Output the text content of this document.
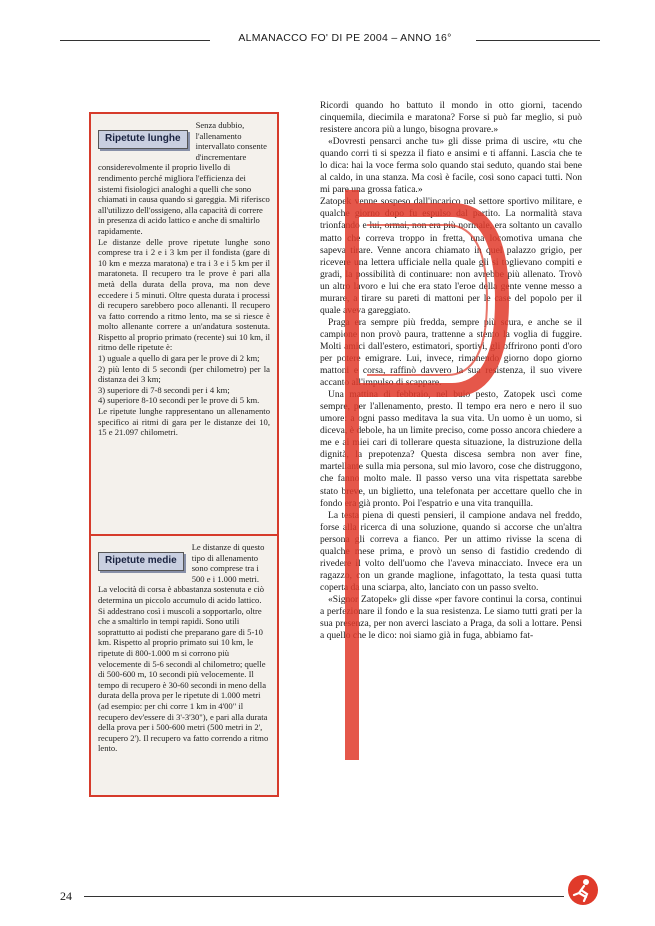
ALMANACCO FO' DI PE 2004 – ANNO 16°
Ripetute lunghe
Senza dubbio, l'allenamento intervallato consente d'incrementare considerevolmente il proprio livello di rendimento perché migliora l'efficienza dei sistemi fisiologici analoghi a quelli che sono chiamati in causa quando si gareggia. Mi riferisco all'utilizzo dell'ossigeno, alla capacità di correre in presenza di acido lattico e anche di smaltirlo rapidamente.

Le distanze delle prove ripetute lunghe sono comprese tra i 2 e i 3 km per il fondista (gare di 10 km e mezza maratona) e tra i 3 e i 5 km per il maratoneta. Il recupero tra le prove è pari alla metà della durata della prova, ma non deve eccedere i 5 minuti. Oltre questa durata i processi di recupero sarebbero poco allenanti. Il recupero va fatto correndo a ritmo lento, ma se si riesce è molto allenante correre a un'andatura sostenuta. Rispetto al proprio primato (recente) sui 10 km, il ritmo delle ripetute è:

1) uguale a quello di gara per le prove di 2 km;
2) più lento di 5 secondi (per chilometro) per la distanza dei 3 km;
3) superiore di 7-8 secondi per i 4 km;
4) superiore 8-10 secondi per le prove di 5 km.

Le ripetute lunghe rappresentano un allenamento specifico ai ritmi di gara per le distanze dei 10, 15 e 21.097 chilometri.

Ripetute medie
Le distanze di questo tipo di allenamento sono comprese tra i 500 e i 1.000 metri. La velocità di corsa è abbastanza sostenuta e ciò determina un piccolo accumulo di acido lattico. Si addestrano così i muscoli a sopportarlo, oltre che a smaltirlo in tempi rapidi. Sono utili soprattutto ai podisti che preparano gare di 5-10 km. Rispetto al proprio primato sui 10 km, le ripetute di 800-1.000 m si corrono più velocemente di 5-6 secondi al chilometro; quelle di 500-600 m, 10 secondi più velocemente. Il tempo di recupero è 30-60 secondi in meno della durata della prova per le ripetute di 1.000 metri (ad esempio: per chi corre 1 km in 4'00" il recupero dev'essere di 3'-3'30"), e pari alla durata della prova per i 500-600 metri (500 metri in 2', recupero 2'). Il recupero va fatto correndo a ritmo lento.

Ricordi quando ho battuto il mondo in otto giorni, tacendo cinquemila, diecimila e maratona? Forse si può far meglio, si può resistere ancora più a lungo, bisogna provare.»

«Dovresti pensarci anche tu» gli disse prima di uscire, «tu che quando corri ti si spezza il fiato e ansimi e ti affanni. Lascia che te lo dica: hai la voce ferma solo quando stai seduto, quando stai bene al caldo, in una stanza. Ma così è facile, così sono capaci tutti. Non mi pare una grossa fatica.»

Zatopek venne sospeso dall'incarico nel settore sportivo militare, e qualche giorno dopo fu espulso dal partito. La normalità stava trionfando e lui, ormai, non era più normale, era soltanto un cavallo matto che correva troppo in fretta, una locomotiva umana che sapeva tirare. Venne ancora chiamato in quel palazzo grigio, per ricevere una lettera ufficiale nella quale gli si toglievano compiti e gradi, la possibilità di continuare: non avrebbe più allenato. Trovò un altro lavoro e lui che era stato l'eroe della gente venne messo a murare, a tirare su pareti di mattoni per le case del popolo per il quale aveva gareggiato.

Praga era sempre più fredda, sempre più scura, e anche se il campione non provò paura, trattenne a stento la voglia di fuggire. Molti amici dall'estero, estimatori, sportivi, gli offrirono ponti d'oro per potere emigrare. Lui, invece, rimanendo giorno dopo giorno mattoni e corsa, raffinò davvero la sua resistenza, il suo vivere accanto all'impulso di scappare.

Una mattina di febbraio, nel buio pesto, Zatopek uscì come sempre, per l'allenamento, presto. Il tempo era nero e nero il suo umore: a ogni passo meditava la sua vita. Un uomo è un uomo, si diceva, è debole, ha un limite preciso, come posso ancora chiedere a me e ai miei cari di tollerare questa situazione, la distruzione della dignità, la prepotenza? Questa discesa sembra non aver fine, martellante sulla mia persona, sul mio lavoro, cose che distruggono, che fanno molto male. Il passo verso una vita rispettata sarebbe stato breve, un biglietto, una telefonata per accettare quello che in fondo era già pronto. Poi l'espatrio e una vita tranquilla.

La testa piena di questi pensieri, il campione andava nel freddo, forse alla ricerca di una soluzione, quando si accorse che un'altra persona gli correva a fianco. Per un attimo rivisse la scena di qualche mese prima, e provò un senso di fastidio credendo di rivedere il volto dell'uomo che l'aveva minacciato. Invece era un ragazzo, con un grande maglione, infagottato, la testa quasi tutta coperta da una sciarpa, alto, lanciato con un passo svelto.

«Signor Zatopek» gli disse «per favore continui la corsa, continui a perfezionare il fondo e la sua resistenza. Le siamo tutti grati per la sua presenza, per non averci lasciato a Praga, da soli a lottare. Pensi a quello che le dico: noi siamo già in fuga, abbiamo fat-

24
